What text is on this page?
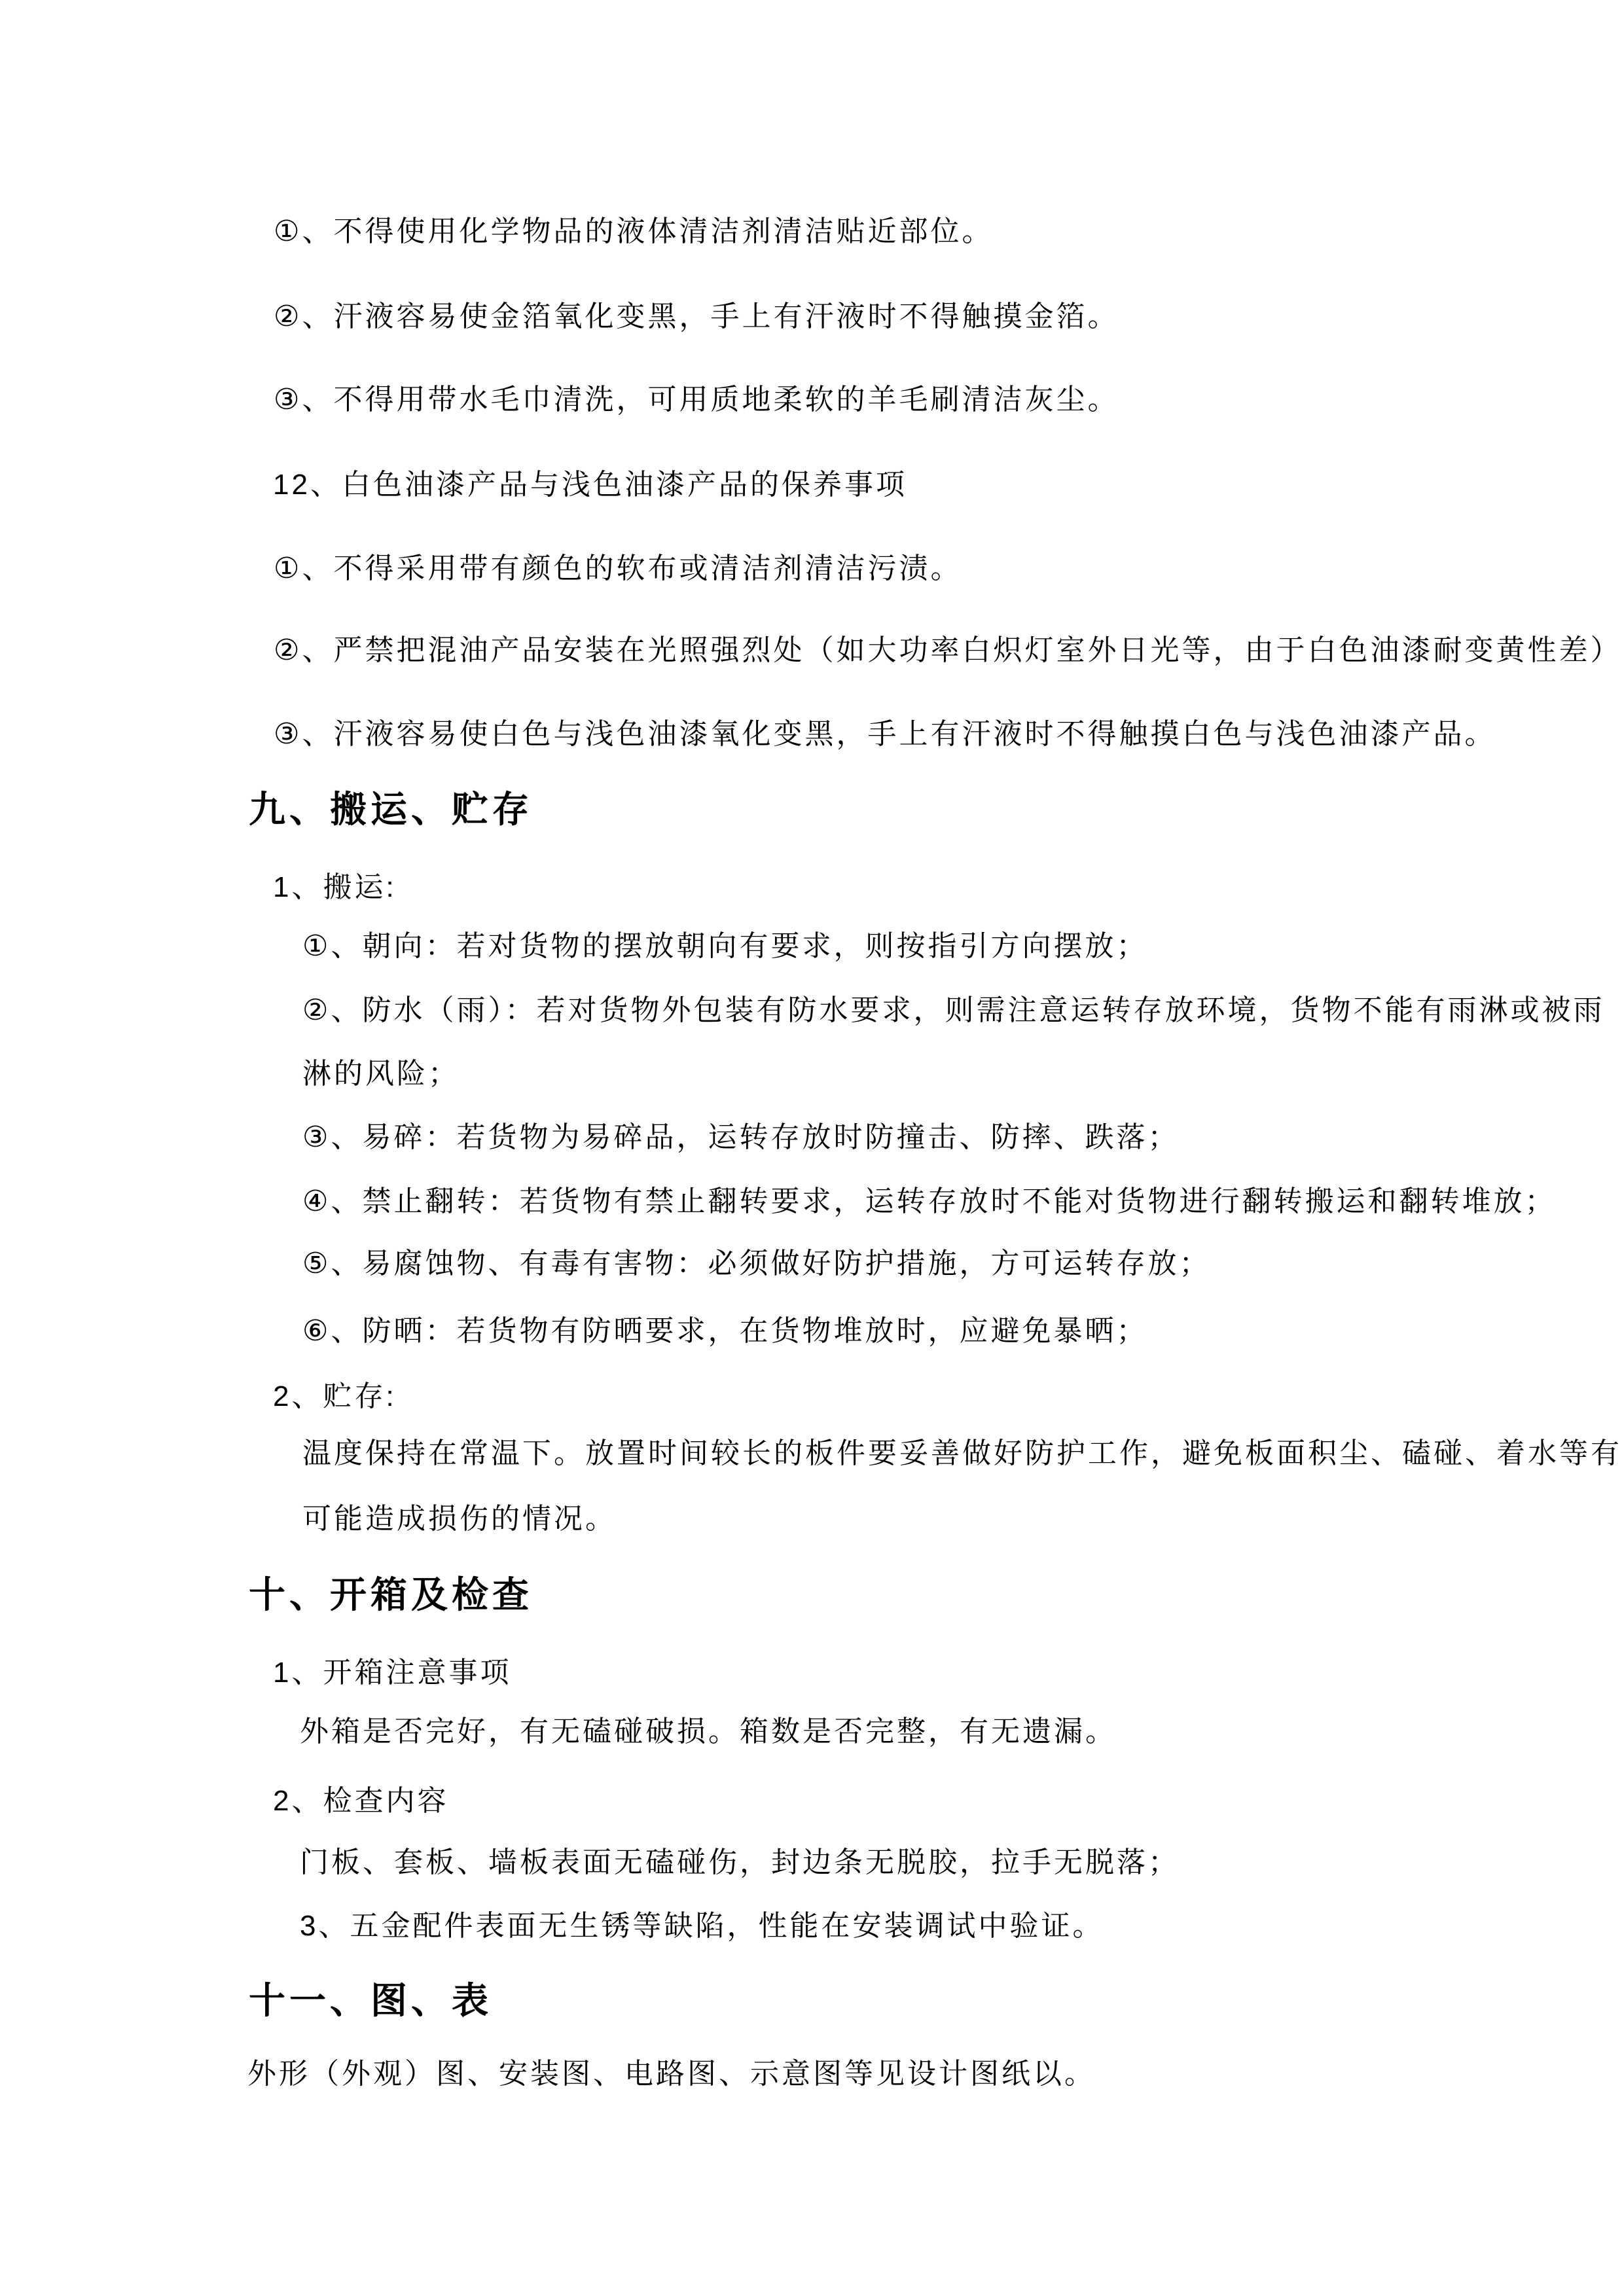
①、不得使用化学物品的液体清洁剂清洁贴近部位。

②、汗液容易使金箔氧化变黑，手上有汗液时不得触摸金箔。

③、不得用带水毛巾清洗，可用质地柔软的羊毛刷清洁灰尘。

12、白色油漆产品与浅色油漆产品的保养事项

①、不得采用带有颜色的软布或清洁剂清洁污渍。

②、严禁把混油产品安装在光照强烈处（如大功率白炽灯室外日光等，由于白色油漆耐变黄性差）

③、汗液容易使白色与浅色油漆氧化变黑，手上有汗液时不得触摸白色与浅色油漆产品。

九、搬运、贮存

1、搬运:

①、朝向：若对货物的摆放朝向有要求，则按指引方向摆放；

②、防水（雨）：若对货物外包装有防水要求，则需注意运转存放环境，货物不能有雨淋或被雨

淋的风险；

③、易碎：若货物为易碎品，运转存放时防撞击、防摔、跌落；

④、禁止翻转：若货物有禁止翻转要求，运转存放时不能对货物进行翻转搬运和翻转堆放；

⑤、易腐蚀物、有毒有害物：必须做好防护措施，方可运转存放；

⑥、防晒：若货物有防晒要求，在货物堆放时，应避免暴晒；

2、贮存:

温度保持在常温下。放置时间较长的板件要妥善做好防护工作，避免板面积尘、磕碰、着水等有

可能造成损伤的情况。

十、开箱及检查

1、开箱注意事项

外箱是否完好，有无磕碰破损。箱数是否完整，有无遗漏。

2、检查内容

门板、套板、墙板表面无磕碰伤，封边条无脱胶，拉手无脱落；

3、五金配件表面无生锈等缺陷，性能在安装调试中验证。

十一、图、表

外形（外观）图、安装图、电路图、示意图等见设计图纸以。
